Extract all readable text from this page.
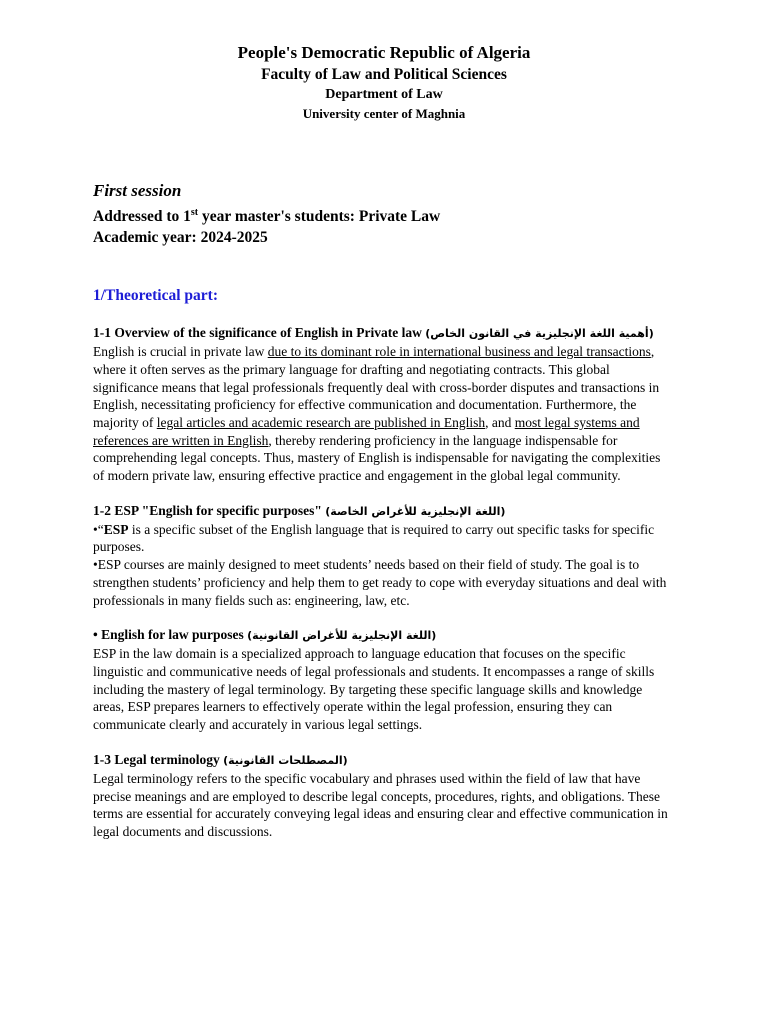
People's Democratic Republic of Algeria
Faculty of Law and Political Sciences
Department of Law
University center of Maghnia
First session
Addressed to 1st year master's students: Private Law
Academic year: 2024-2025
1/Theoretical part:
1-1 Overview of the significance of English in Private law (أهمية اللغة الإنجليزية في القانون الخاص)

English is crucial in private law due to its dominant role in international business and legal transactions, where it often serves as the primary language for drafting and negotiating contracts. This global significance means that legal professionals frequently deal with cross-border disputes and transactions in English, necessitating proficiency for effective communication and documentation. Furthermore, the majority of legal articles and academic research are published in English, and most legal systems and references are written in English, thereby rendering proficiency in the language indispensable for comprehending legal concepts. Thus, mastery of English is indispensable for navigating the complexities of modern private law, ensuring effective practice and engagement in the global legal community.

1-2 ESP "English for specific purposes" (اللغة الإنجليزية للأغراض الخاصة)

•“ESP is a specific subset of the English language that is required to carry out specific tasks for specific purposes.

•ESP courses are mainly designed to meet students’ needs based on their field of study. The goal is to strengthen students’ proficiency and help them to get ready to cope with everyday situations and deal with professionals in many fields such as: engineering, law, etc.

• English for law purposes (اللغة الإنجليزية للأغراض القانونية)

ESP in the law domain is a specialized approach to language education that focuses on the specific linguistic and communicative needs of legal professionals and students. It encompasses a range of skills including the mastery of legal terminology. By targeting these specific language skills and knowledge areas, ESP prepares learners to effectively operate within the legal profession, ensuring they can communicate clearly and accurately in various legal settings.

1-3 Legal terminology (المصطلحات القانونية)

Legal terminology refers to the specific vocabulary and phrases used within the field of law that have precise meanings and are employed to describe legal concepts, procedures, rights, and obligations. These terms are essential for accurately conveying legal ideas and ensuring clear and effective communication in legal documents and discussions.
